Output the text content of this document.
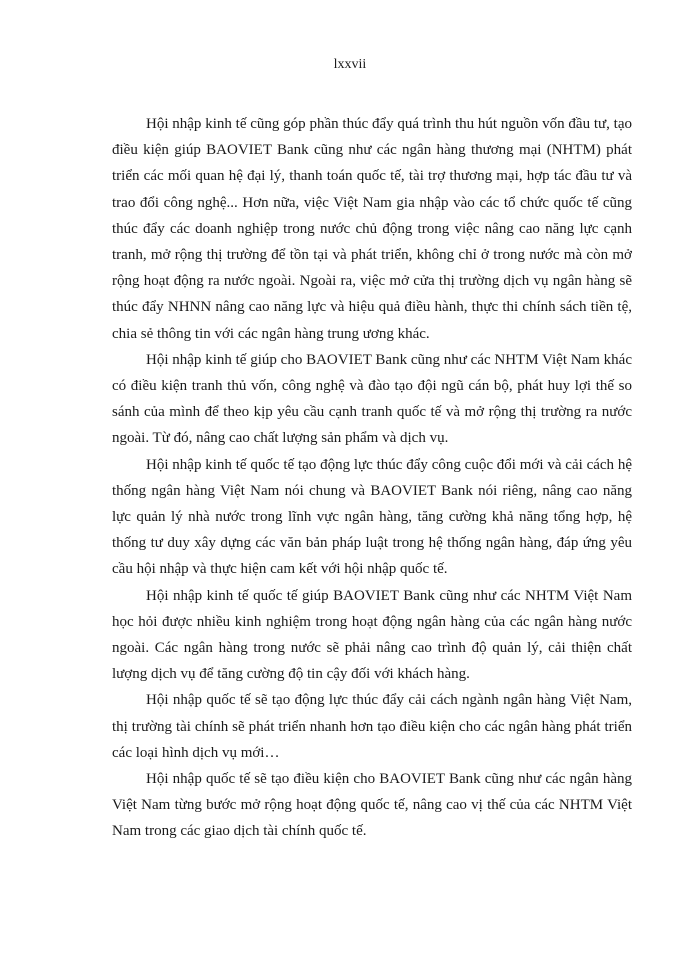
lxxvii

Hội nhập kinh tế cũng góp phần thúc đẩy quá trình thu hút nguồn vốn đầu tư, tạo điều kiện giúp BAOVIET Bank cũng như các ngân hàng thương mại (NHTM) phát triển các mối quan hệ đại lý, thanh toán quốc tế, tài trợ thương mại, hợp tác đầu tư và trao đổi công nghệ... Hơn nữa, việc Việt Nam gia nhập vào các tổ chức quốc tế cũng thúc đẩy các doanh nghiệp trong nước chủ động trong việc nâng cao năng lực cạnh tranh, mở rộng thị trường để tồn tại và phát triển, không chỉ ở trong nước mà còn mở rộng hoạt động ra nước ngoài. Ngoài ra, việc mở cửa thị trường dịch vụ ngân hàng sẽ thúc đẩy NHNN nâng cao năng lực và hiệu quả điều hành, thực thi chính sách tiền tệ, chia sẻ thông tin với các ngân hàng trung ương khác.

Hội nhập kinh tế giúp cho BAOVIET Bank cũng như các NHTM Việt Nam khác có điều kiện tranh thủ vốn, công nghệ và đào tạo đội ngũ cán bộ, phát huy lợi thế so sánh của mình để theo kịp yêu cầu cạnh tranh quốc tế và mở rộng thị trường ra nước ngoài. Từ đó, nâng cao chất lượng sản phẩm và dịch vụ.

Hội nhập kinh tế quốc tế tạo động lực thúc đẩy công cuộc đổi mới và cải cách hệ thống ngân hàng Việt Nam nói chung và BAOVIET Bank nói riêng, nâng cao năng lực quản lý nhà nước trong lĩnh vực ngân hàng, tăng cường khả năng tổng hợp, hệ thống tư duy xây dựng các văn bản pháp luật trong hệ thống ngân hàng, đáp ứng yêu cầu hội nhập và thực hiện cam kết với hội nhập quốc tế.

Hội nhập kinh tế quốc tế giúp BAOVIET Bank cũng như các NHTM Việt Nam học hỏi được nhiều kinh nghiệm trong hoạt động ngân hàng của các ngân hàng nước ngoài. Các ngân hàng trong nước sẽ phải nâng cao trình độ quản lý, cải thiện chất lượng dịch vụ để tăng cường độ tin cậy đối với khách hàng.

Hội nhập quốc tế sẽ tạo động lực thúc đẩy cải cách ngành ngân hàng Việt Nam, thị trường tài chính sẽ phát triển nhanh hơn tạo điều kiện cho các ngân hàng phát triển các loại hình dịch vụ mới…

Hội nhập quốc tế sẽ tạo điều kiện cho BAOVIET Bank cũng như các ngân hàng Việt Nam từng bước mở rộng hoạt động quốc tế, nâng cao vị thế của các NHTM Việt Nam trong các giao dịch tài chính quốc tế.
